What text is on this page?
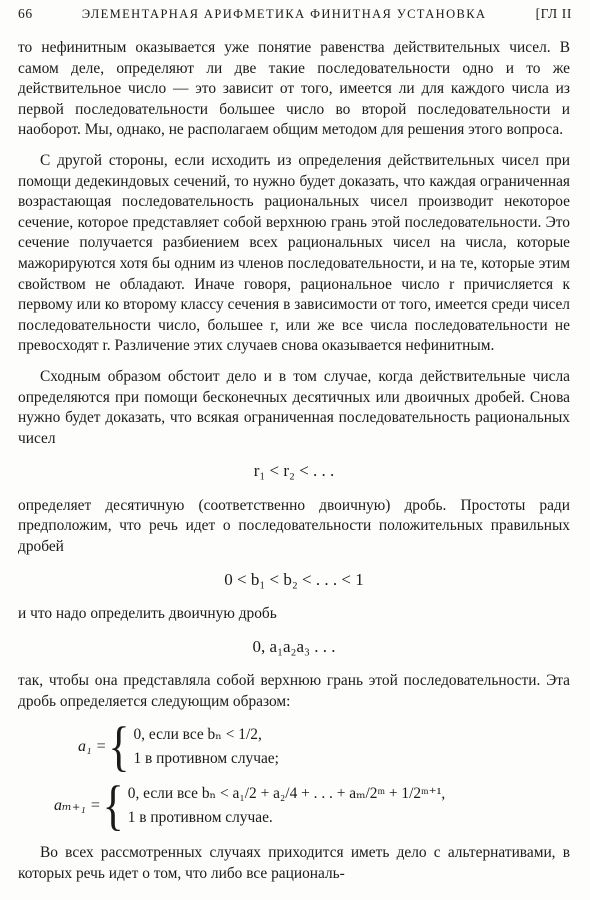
66	ЭЛЕМЕНТАРНАЯ АРИФМЕТИКА ФИНИТНАЯ УСТАНОВКА	[ГЛ II

то нефинитным оказывается уже понятие равенства действительных чисел. В самом деле, определяют ли две такие последовательности одно и то же действительное число — это зависит от того, имеется ли для каждого числа из первой последовательности большее число во второй последовательности и наоборот. Мы, однако, не располагаем общим методом для решения этого вопроса.

С другой стороны, если исходить из определения действительных чисел при помощи дедекиндовых сечений, то нужно будет доказать, что каждая ограниченная возрастающая последовательность рациональных чисел производит некоторое сечение, которое представляет собой верхнюю грань этой последовательности. Это сечение получается разбиением всех рациональных чисел на числа, которые мажорируются хотя бы одним из членов последовательности, и на те, которые этим свойством не обладают. Иначе говоря, рациональное число r причисляется к первому или ко второму классу сечения в зависимости от того, имеется среди чисел последовательности число, большее r, или же все числа последовательности не превосходят r. Различение этих случаев снова оказывается нефинитным.

Сходным образом обстоит дело и в том случае, когда действительные числа определяются при помощи бесконечных десятичных или двоичных дробей. Снова нужно будет доказать, что всякая ограниченная последовательность рациональных чисел

r₁ < r₂ < . . .

определяет десятичную (соответственно двоичную) дробь. Простоты ради предположим, что речь идет о последовательности положительных правильных дробей

0 < b₁ < b₂ < . . . < 1

и что надо определить двоичную дробь

0, a₁a₂a₃ . . .

так, чтобы она представляла собой верхнюю грань этой последовательности. Эта дробь определяется следующим образом:

a₁ = { 0, если все bₙ < 1/2,
1 в противном случае;
aₘ₊₁ = { 0, если все bₙ < a₁/2 + a₂/4 + . . . + aₘ/2ᵐ + 1/2ᵐ⁺¹,
1 в противном случае.

Во всех рассмотренных случаях приходится иметь дело с альтернативами, в которых речь идет о том, что либо все рациональ-
